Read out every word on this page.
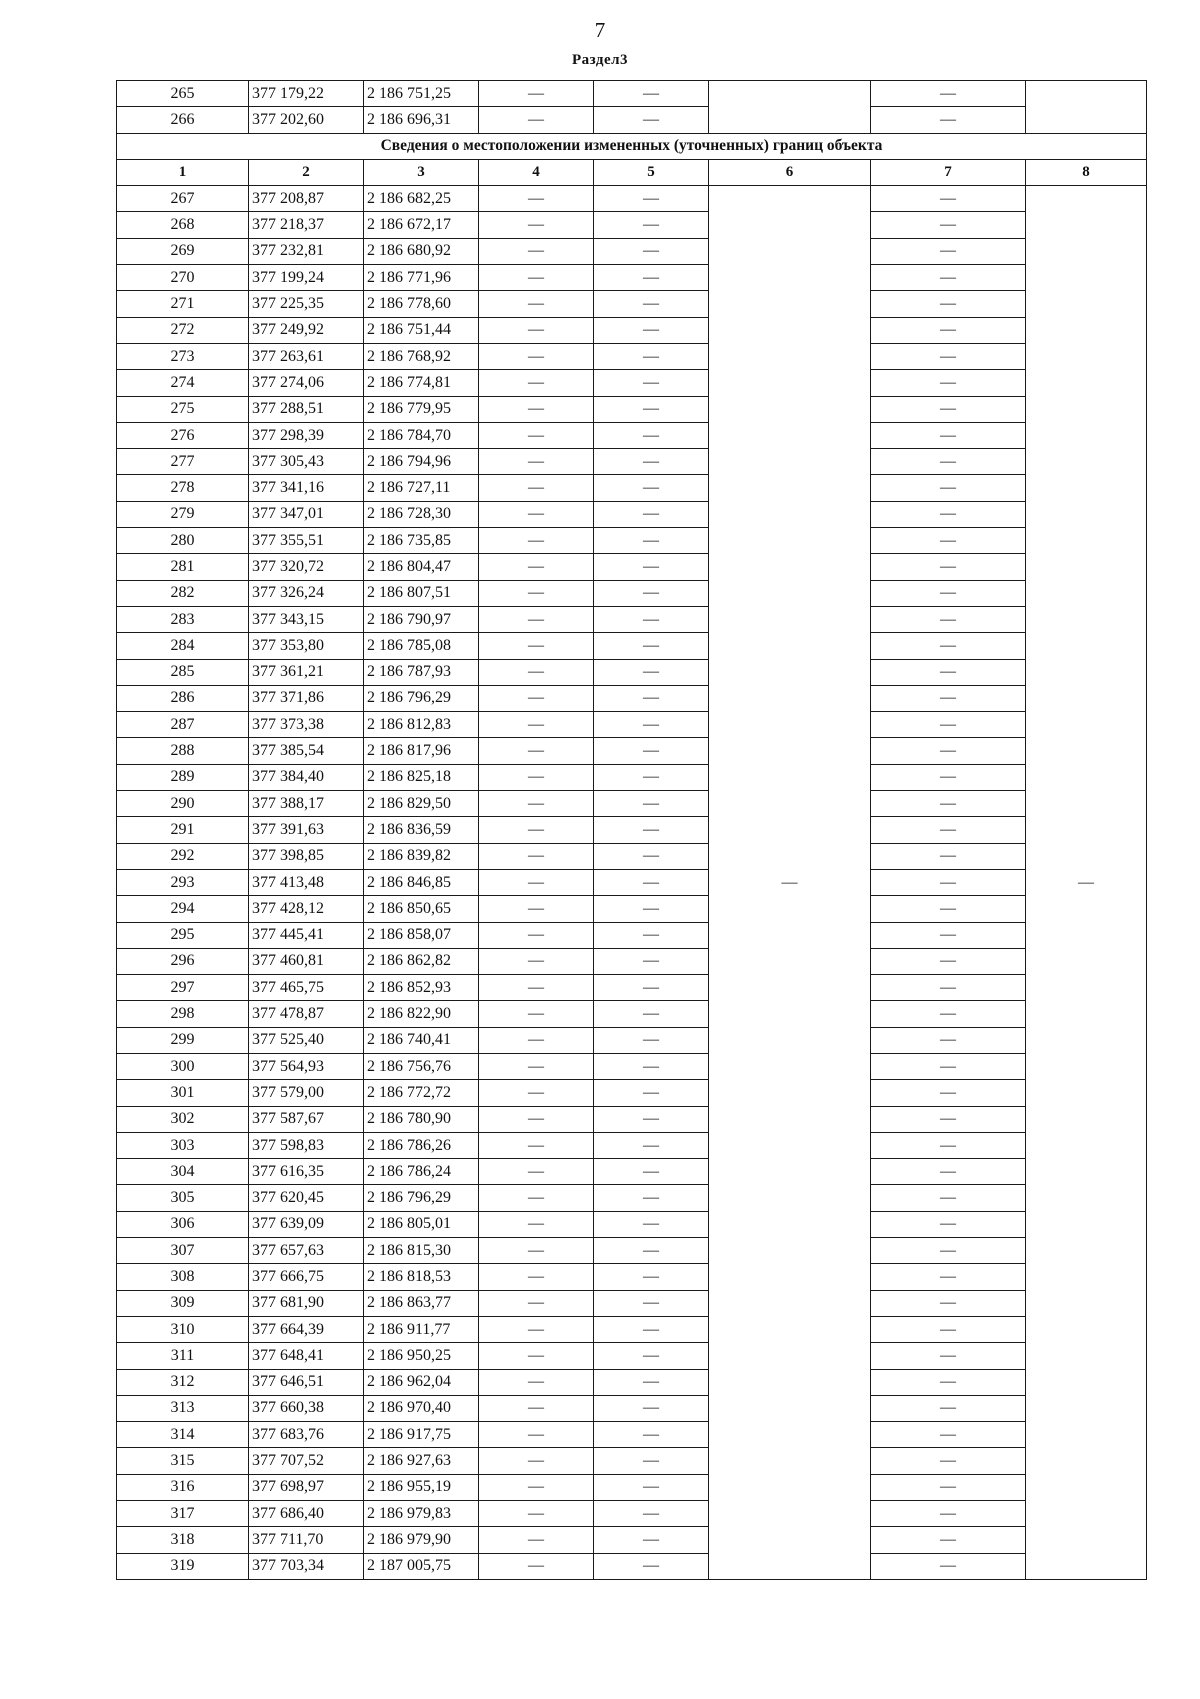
7
Раздел3
265	377 179,22	2 186 751,25	—	—		—	
266	377 202,60	2 186 696,31	—	—		—	
Сведения о местоположении измененных (уточненных) границ объекта							
1	2	3	4	5	6	7	8
267	377 208,87	2 186 682,25	—	—	—	—	—
268	377 218,37	2 186 672,17	—	—		—	
269	377 232,81	2 186 680,92	—	—		—	
270	377 199,24	2 186 771,96	—	—		—	
271	377 225,35	2 186 778,60	—	—		—	
272	377 249,92	2 186 751,44	—	—		—	
273	377 263,61	2 186 768,92	—	—		—	
274	377 274,06	2 186 774,81	—	—		—	
275	377 288,51	2 186 779,95	—	—		—	
276	377 298,39	2 186 784,70	—	—		—	
277	377 305,43	2 186 794,96	—	—		—	
278	377 341,16	2 186 727,11	—	—		—	
279	377 347,01	2 186 728,30	—	—		—	
280	377 355,51	2 186 735,85	—	—		—	
281	377 320,72	2 186 804,47	—	—		—	
282	377 326,24	2 186 807,51	—	—		—	
283	377 343,15	2 186 790,97	—	—		—	
284	377 353,80	2 186 785,08	—	—		—	
285	377 361,21	2 186 787,93	—	—		—	
286	377 371,86	2 186 796,29	—	—		—	
287	377 373,38	2 186 812,83	—	—		—	
288	377 385,54	2 186 817,96	—	—		—	
289	377 384,40	2 186 825,18	—	—		—	
290	377 388,17	2 186 829,50	—	—		—	
291	377 391,63	2 186 836,59	—	—		—	
292	377 398,85	2 186 839,82	—	—		—	
293	377 413,48	2 186 846,85	—	—		—	
294	377 428,12	2 186 850,65	—	—		—	
295	377 445,41	2 186 858,07	—	—		—	
296	377 460,81	2 186 862,82	—	—		—	
297	377 465,75	2 186 852,93	—	—		—	
298	377 478,87	2 186 822,90	—	—		—	
299	377 525,40	2 186 740,41	—	—		—	
300	377 564,93	2 186 756,76	—	—		—	
301	377 579,00	2 186 772,72	—	—		—	
302	377 587,67	2 186 780,90	—	—		—	
303	377 598,83	2 186 786,26	—	—		—	
304	377 616,35	2 186 786,24	—	—		—	
305	377 620,45	2 186 796,29	—	—		—	
306	377 639,09	2 186 805,01	—	—		—	
307	377 657,63	2 186 815,30	—	—		—	
308	377 666,75	2 186 818,53	—	—		—	
309	377 681,90	2 186 863,77	—	—		—	
310	377 664,39	2 186 911,77	—	—		—	
311	377 648,41	2 186 950,25	—	—		—	
312	377 646,51	2 186 962,04	—	—		—	
313	377 660,38	2 186 970,40	—	—		—	
314	377 683,76	2 186 917,75	—	—		—	
315	377 707,52	2 186 927,63	—	—		—	
316	377 698,97	2 186 955,19	—	—		—	
317	377 686,40	2 186 979,83	—	—		—	
318	377 711,70	2 186 979,90	—	—		—	
319	377 703,34	2 187 005,75	—	—		—	
